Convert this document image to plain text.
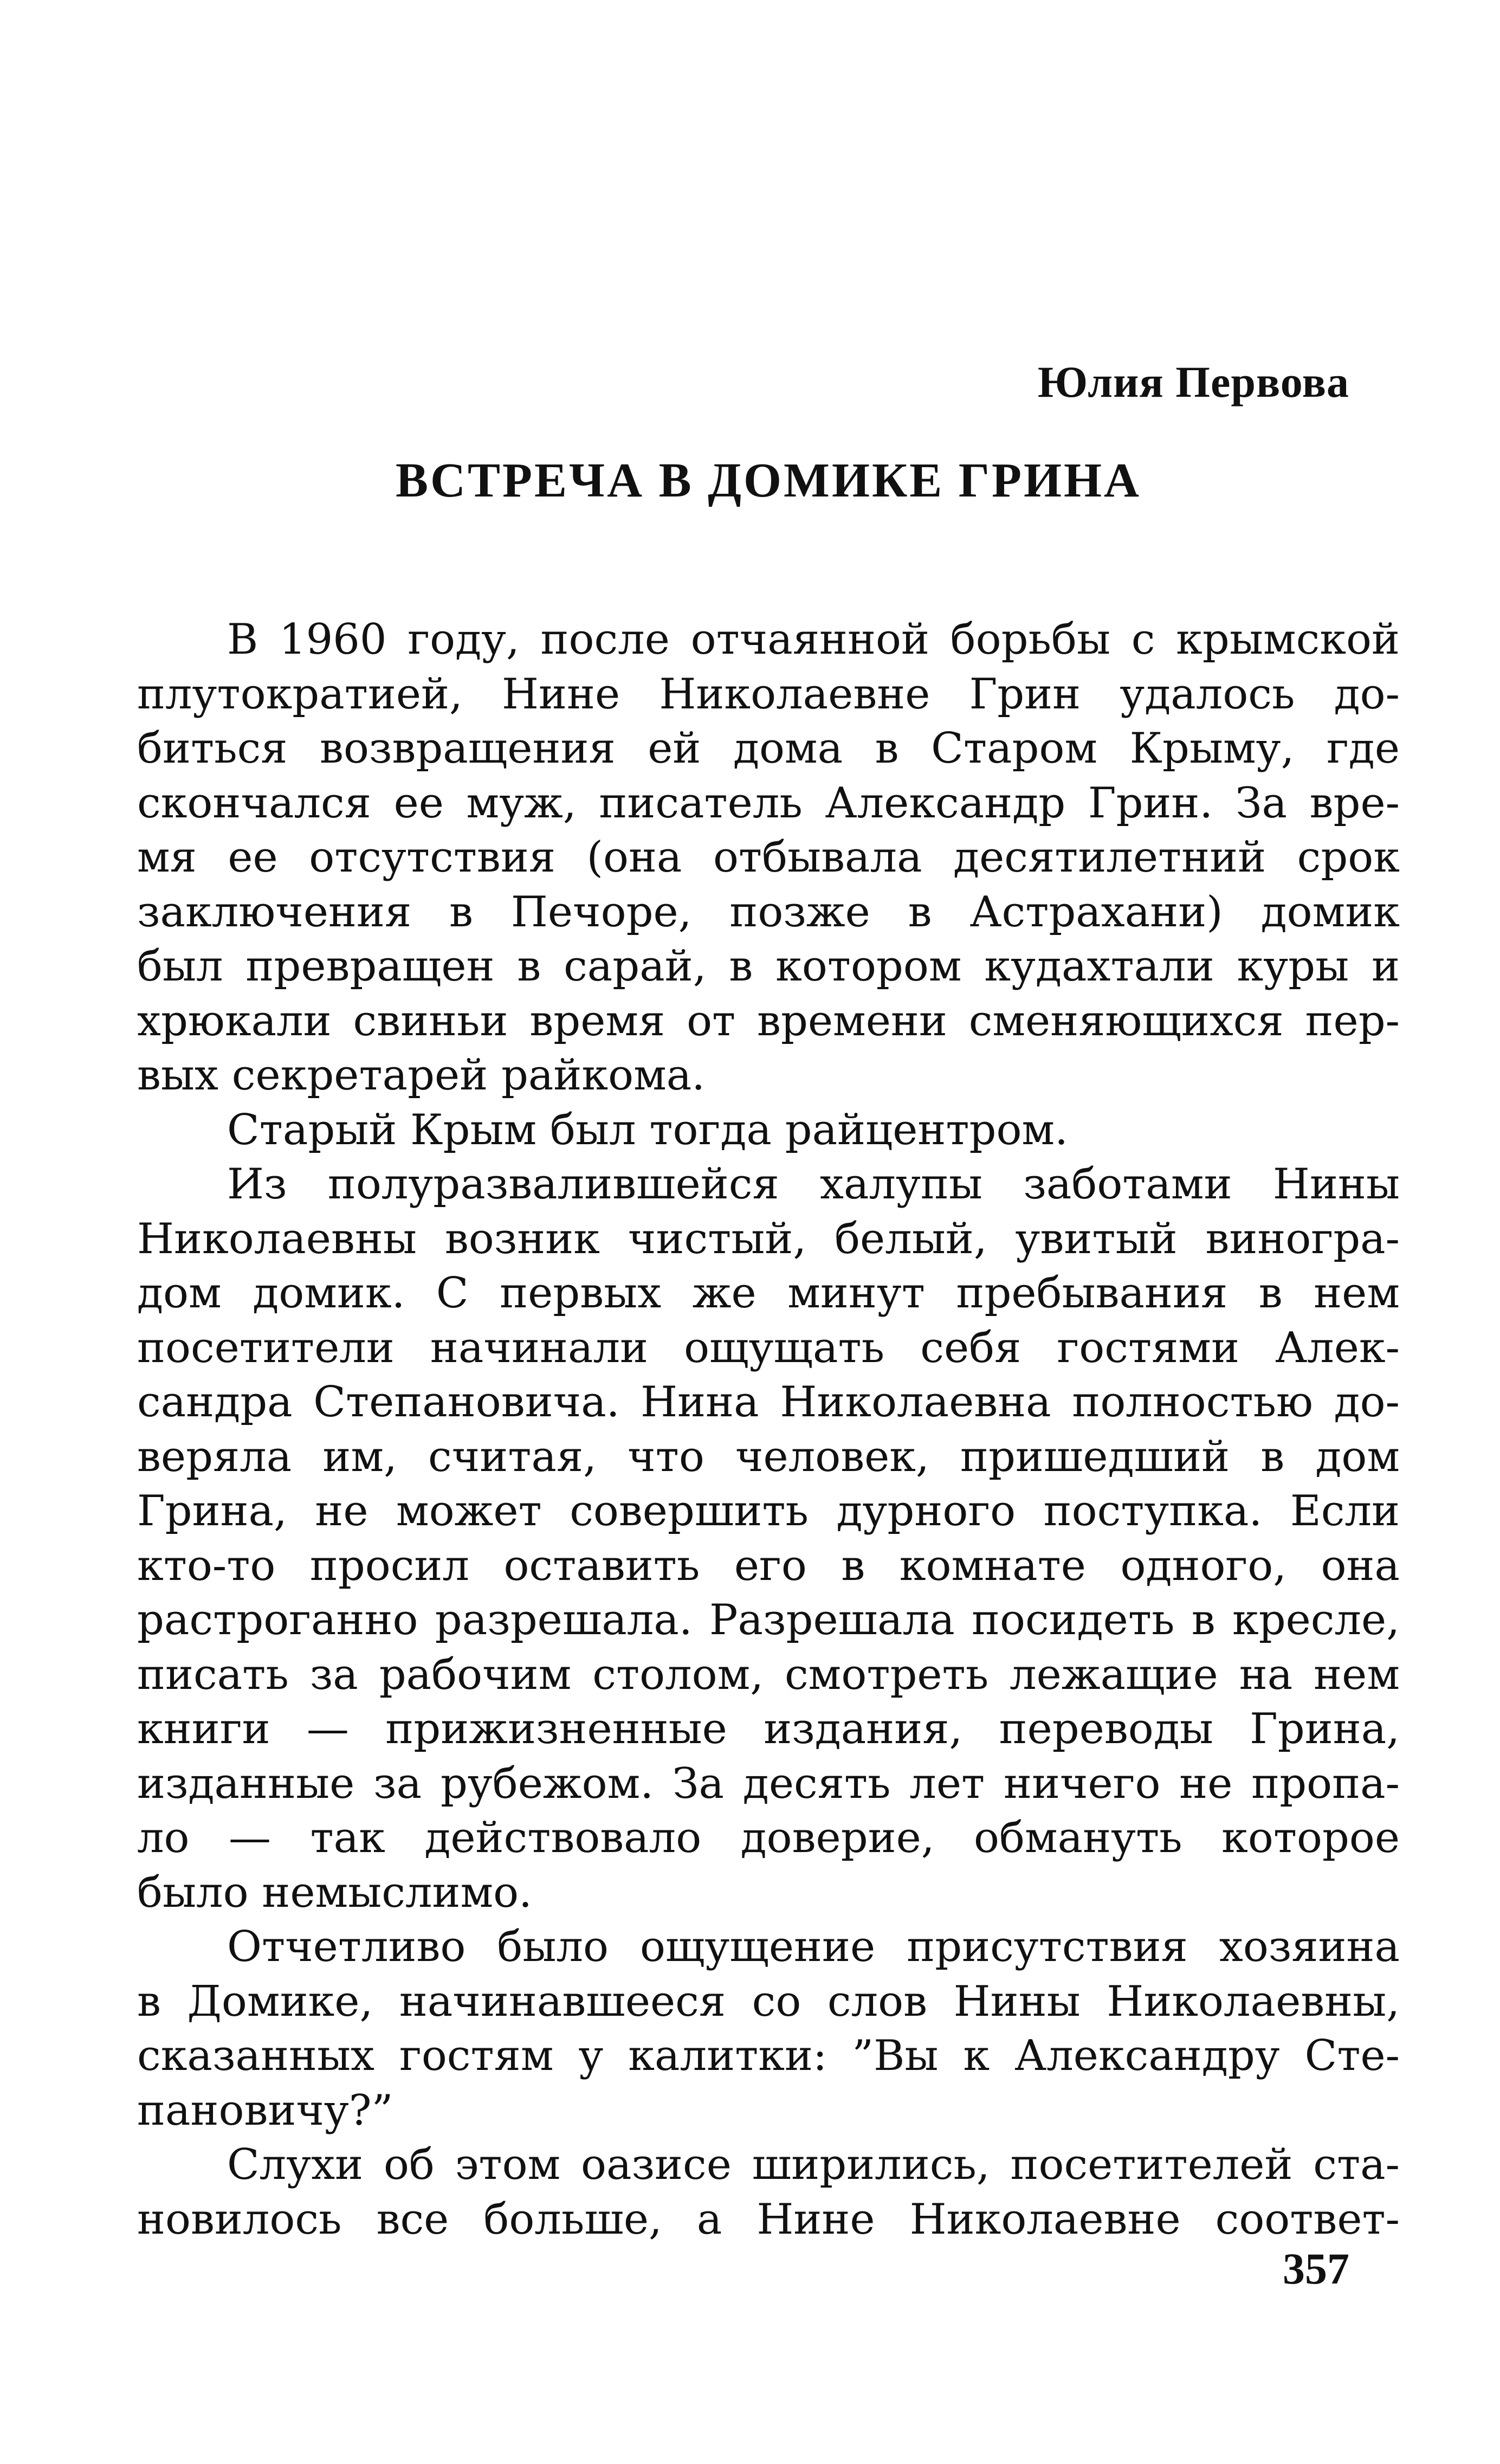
Юлия Первова
ВСТРЕЧА В ДОМИКЕ ГРИНА
В 1960 году, после отчаянной борьбы с крымской
плутократией, Нине Николаевне Грин удалось до-
биться возвращения ей дома в Старом Крыму, где
скончался ее муж, писатель Александр Грин. За вре-
мя ее отсутствия (она отбывала десятилетний срок
заключения в Печоре, позже в Астрахани) домик
был превращен в сарай, в котором кудахтали куры и
хрюкали свиньи время от времени сменяющихся пер-
вых секретарей райкома.
Старый Крым был тогда райцентром.
Из полуразвалившейся халупы заботами Нины
Николаевны возник чистый, белый, увитый виногра-
дом домик. С первых же минут пребывания в нем
посетители начинали ощущать себя гостями Алек-
сандра Степановича. Нина Николаевна полностью до-
веряла им, считая, что человек, пришедший в дом
Грина, не может совершить дурного поступка. Если
кто-то просил оставить его в комнате одного, она
растроганно разрешала. Разрешала посидеть в кресле,
писать за рабочим столом, смотреть лежащие на нем
книги — прижизненные издания, переводы Грина,
изданные за рубежом. За десять лет ничего не пропа-
ло — так действовало доверие, обмануть которое
было немыслимо.
Отчетливо было ощущение присутствия хозяина
в Домике, начинавшееся со слов Нины Николаевны,
сказанных гостям у калитки: ”Вы к Александру Сте-
пановичу?”
Слухи об этом оазисе ширились, посетителей ста-
новилось все больше, а Нине Николаевне соответ-
357
